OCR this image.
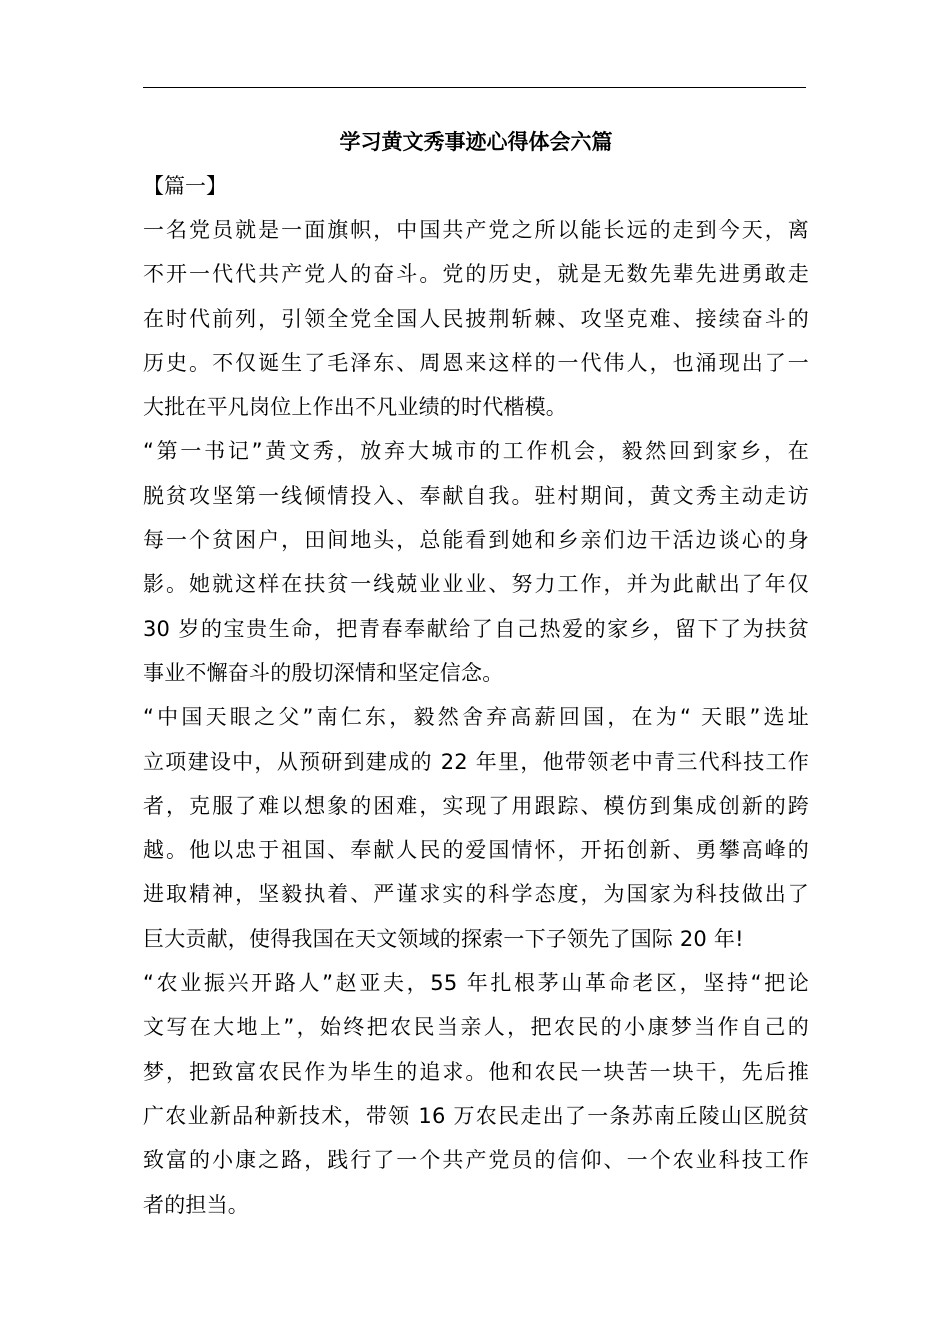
学习黄文秀事迹心得体会六篇
【篇一】

一名党员就是一面旗帜，中国共产党之所以能长远的走到今天，离
不开一代代共产党人的奋斗。党的历史，就是无数先辈先进勇敢走
在时代前列，引领全党全国人民披荆斩棘、攻坚克难、接续奋斗的
历史。不仅诞生了毛泽东、周恩来这样的一代伟人，也涌现出了一
大批在平凡岗位上作出不凡业绩的时代楷模。

“第一书记”黄文秀，放弃大城市的工作机会，毅然回到家乡，在
脱贫攻坚第一线倾情投入、奉献自我。驻村期间，黄文秀主动走访
每一个贫困户，田间地头，总能看到她和乡亲们边干活边谈心的身
影。她就这样在扶贫一线兢业业业、努力工作，并为此献出了年仅
30 岁的宝贵生命，把青春奉献给了自己热爱的家乡，留下了为扶贫
事业不懈奋斗的殷切深情和坚定信念。

“中国天眼之父”南仁东，毅然舍弃高薪回国，在为“ 天眼”选址
立项建设中，从预研到建成的 22 年里，他带领老中青三代科技工作
者，克服了难以想象的困难，实现了用跟踪、模仿到集成创新的跨
越。他以忠于祖国、奉献人民的爱国情怀，开拓创新、勇攀高峰的
进取精神，坚毅执着、严谨求实的科学态度，为国家为科技做出了
巨大贡献，使得我国在天文领域的探索一下子领先了国际 20 年!

“农业振兴开路人”赵亚夫，55 年扎根茅山革命老区，坚持“把论
文写在大地上”，始终把农民当亲人，把农民的小康梦当作自己的
梦，把致富农民作为毕生的追求。他和农民一块苦一块干，先后推
广农业新品种新技术，带领 16 万农民走出了一条苏南丘陵山区脱贫
致富的小康之路，践行了一个共产党员的信仰、一个农业科技工作
者的担当。
